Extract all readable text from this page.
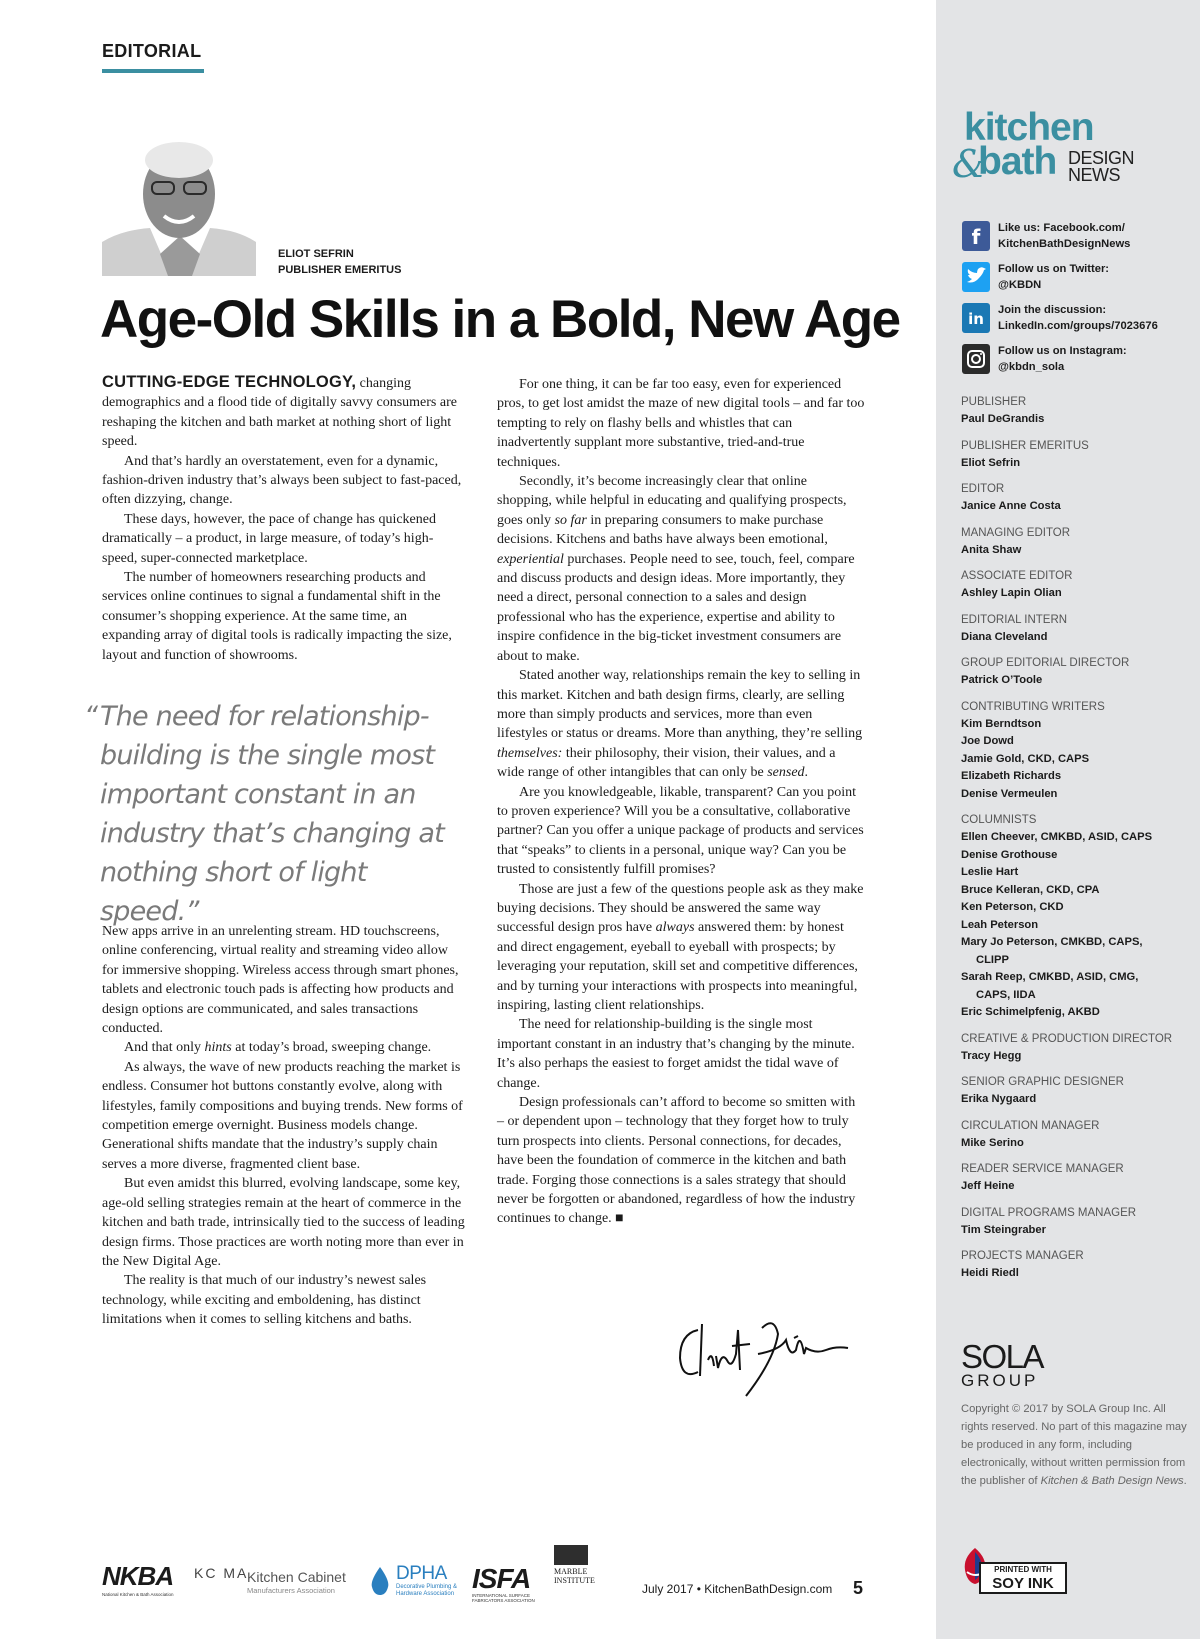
EDITORIAL
ELIOT SEFRIN
PUBLISHER EMERITUS
Age-Old Skills in a Bold, New Age

CUTTING-EDGE TECHNOLOGY, changing demographics and a flood tide of digitally savvy consumers are reshaping the kitchen and bath market at nothing short of light speed.

And that’s hardly an overstatement, even for a dynamic, fashion-driven industry that’s always been subject to fast-paced, often dizzying, change.

These days, however, the pace of change has quickened dramatically – a product, in large measure, of today’s high-speed, super-connected marketplace.

The number of homeowners researching products and services online continues to signal a fundamental shift in the consumer’s shopping experience. At the same time, an expanding array of digital tools is radically impacting the size, layout and function of showrooms.

“ The need for relationship-building is the single most important constant in an industry that’s changing at nothing short of light speed.”

New apps arrive in an unrelenting stream. HD touchscreens, online conferencing, virtual reality and streaming video allow for immersive shopping. Wireless access through smart phones, tablets and electronic touch pads is affecting how products and design options are communicated, and sales transactions conducted.

And that only hints at today’s broad, sweeping change.

As always, the wave of new products reaching the market is endless. Consumer hot buttons constantly evolve, along with lifestyles, family compositions and buying trends. New forms of competition emerge overnight. Business models change. Generational shifts mandate that the industry’s supply chain serves a more diverse, fragmented client base.

But even amidst this blurred, evolving landscape, some key, age-old selling strategies remain at the heart of commerce in the kitchen and bath trade, intrinsically tied to the success of leading design firms. Those practices are worth noting more than ever in the New Digital Age.

The reality is that much of our industry’s newest sales technology, while exciting and emboldening, has distinct limitations when it comes to selling kitchens and baths.

For one thing, it can be far too easy, even for experienced pros, to get lost amidst the maze of new digital tools – and far too tempting to rely on flashy bells and whistles that can inadvertently supplant more substantive, tried-and-true techniques.

Secondly, it’s become increasingly clear that online shopping, while helpful in educating and qualifying prospects, goes only so far in preparing consumers to make purchase decisions. Kitchens and baths have always been emotional, experiential purchases. People need to see, touch, feel, compare and discuss products and design ideas. More importantly, they need a direct, personal connection to a sales and design professional who has the experience, expertise and ability to inspire confidence in the big-ticket investment consumers are about to make.

Stated another way, relationships remain the key to selling in this market. Kitchen and bath design firms, clearly, are selling more than simply products and services, more than even lifestyles or status or dreams. More than anything, they’re selling themselves: their philosophy, their vision, their values, and a wide range of other intangibles that can only be sensed.

Are you knowledgeable, likable, transparent? Can you point to proven experience? Will you be a consultative, collaborative partner? Can you offer a unique package of products and services that “speaks” to clients in a personal, unique way? Can you be trusted to consistently fulfill promises?

Those are just a few of the questions people ask as they make buying decisions. They should be answered the same way successful design pros have always answered them: by honest and direct engagement, eyeball to eyeball with prospects; by leveraging your reputation, skill set and competitive differences, and by turning your interactions with prospects into meaningful, inspiring, lasting client relationships.

The need for relationship-building is the single most important constant in an industry that’s changing by the minute. It’s also perhaps the easiest to forget amidst the tidal wave of change.

Design professionals can’t afford to become so smitten with – or dependent upon – technology that they forget how to truly turn prospects into clients. Personal connections, for decades, have been the foundation of commerce in the kitchen and bath trade. Forging those connections is a sales strategy that should never be forgotten or abandoned, regardless of how the industry continues to change. ■

NKBA
National Kitchen & Bath Association
KC MA
Kitchen Cabinet
Manufacturers Association
DPHA
Decorative Plumbing & Hardware Association ISFA
INTERNATIONAL SURFACE FABRICATORS ASSOCIATION
MARBLE INSTITUTE
July 2017 • KitchenBathDesign.com 5
kitchen
&
bath DESIGN
NEWS
f	Like us: Facebook.com/
KitchenBathDesignNews
Follow us on Twitter:
@KBDN
in	Join the discussion:
LinkedIn.com/groups/7023676
Follow us on Instagram:
@kbdn_sola
PUBLISHER
Paul DeGrandis
PUBLISHER EMERITUS
Eliot Sefrin
EDITOR
Janice Anne Costa
MANAGING EDITOR
Anita Shaw
ASSOCIATE EDITOR
Ashley Lapin Olian
EDITORIAL INTERN
Diana Cleveland
GROUP EDITORIAL DIRECTOR
Patrick O’Toole
CONTRIBUTING WRITERS
Kim Berndtson
Joe Dowd
Jamie Gold, CKD, CAPS
Elizabeth Richards
Denise Vermeulen
COLUMNISTS
Ellen Cheever, CMKBD, ASID, CAPS
Denise Grothouse
Leslie Hart
Bruce Kelleran, CKD, CPA
Ken Peterson, CKD
Leah Peterson
Mary Jo Peterson, CMKBD, CAPS,
CLIPP
Sarah Reep, CMKBD, ASID, CMG,
CAPS, IIDA
Eric Schimelpfenig, AKBD
CREATIVE & PRODUCTION DIRECTOR
Tracy Hegg
SENIOR GRAPHIC DESIGNER
Erika Nygaard
CIRCULATION MANAGER
Mike Serino
READER SERVICE MANAGER
Jeff Heine
DIGITAL PROGRAMS MANAGER
Tim Steingraber
PROJECTS MANAGER
Heidi Riedl
SOLA
GROUP
Copyright © 2017 by SOLA Group Inc. All rights reserved. No part of this magazine may be produced in any form, including electronically, without written permission from the publisher of Kitchen & Bath Design News.
PRINTED WITH
SOY INK
